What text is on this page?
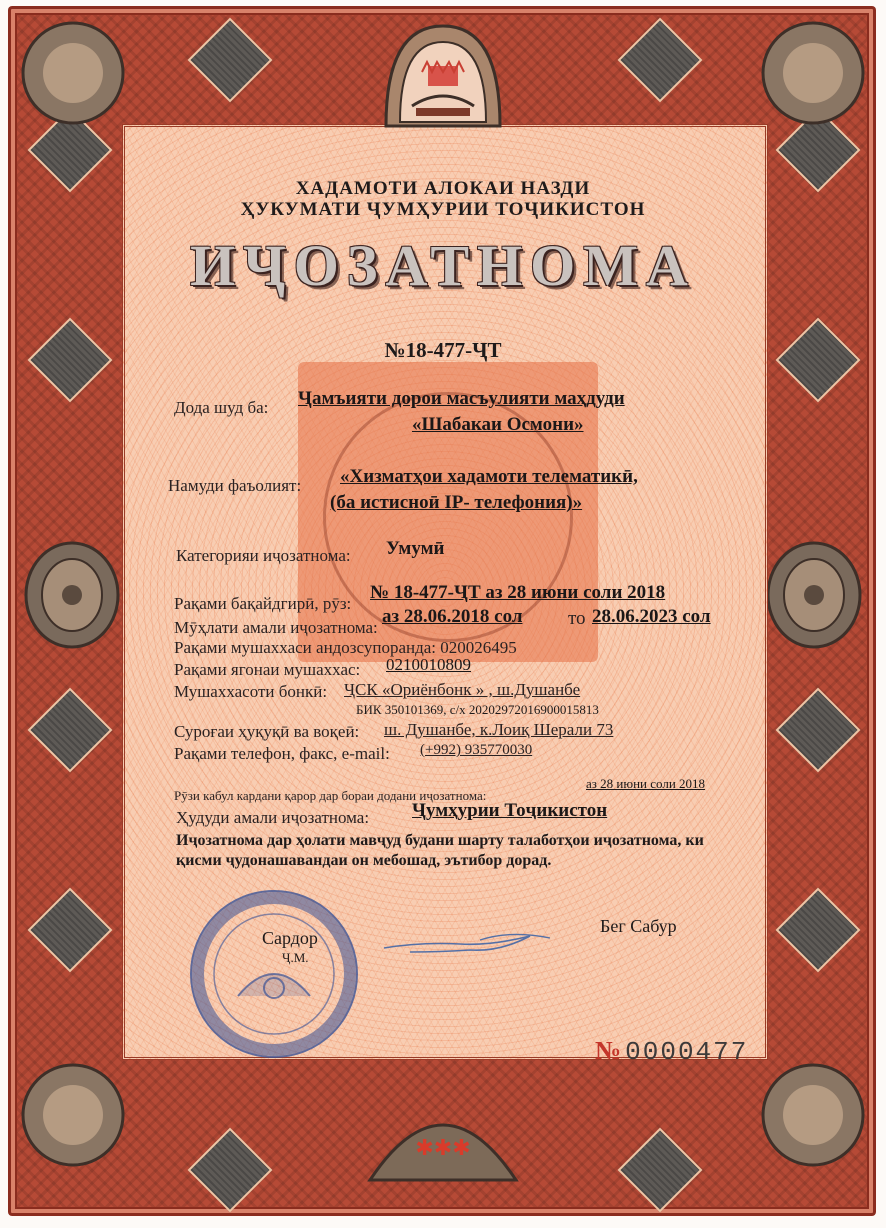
✱✱✱
ХАДАМОТИ АЛОКАИ НАЗДИ
ҲУКУМАТИ ҶУМҲУРИИ ТОҶИКИСТОН
ИҶОЗАТНОМА
№18-477-ҶТ
Дода шуд ба: Ҷамъияти дорои масъулияти маҳдуди
«Шабакаи Осмони»
Намуди фаъолият: «Хизматҳои хадамоти телематикӣ,
(ба истисноӣ IP- телефония)»
Категорияи иҷозатнома: Умумӣ
Рақами бақайдгирӣ, рӯз:
№ 18-477-ҶТ аз 28 июни соли 2018
Мӯҳлати амали иҷозатнома:
аз 28.06.2018 сол то 28.06.2023 сол
Рақами мушаххаси андозсупоранда: 020026495
Рақами ягонаи мушаххас: 0210010809
Мушаххасоти бонкӣ: ҶСК «Ориёнбонк » , ш.Душанбе
БИК 350101369, с/х 20202972016900015813
Суроғаи ҳуқуқӣ ва воқеӣ: ш. Душанбе, к.Лоиқ Шерали 73
Рақами телефон, факс, e-mail: (+992) 935770030
Рӯзи кабул кардани қарор дар бораи додани иҷозатнома:
аз 28 июни соли 2018
Ҳудуди амали иҷозатнома: Ҷумҳурии Тоҷикистон
Иҷозатнома дар ҳолати мавҷуд будани шарту талаботҳои иҷозатнома, ки
қисми ҷудонашавандаи он мебошад, эътибор дорад.
Сардор
Ҷ.М.
Бег Сабур
№ 0000477
